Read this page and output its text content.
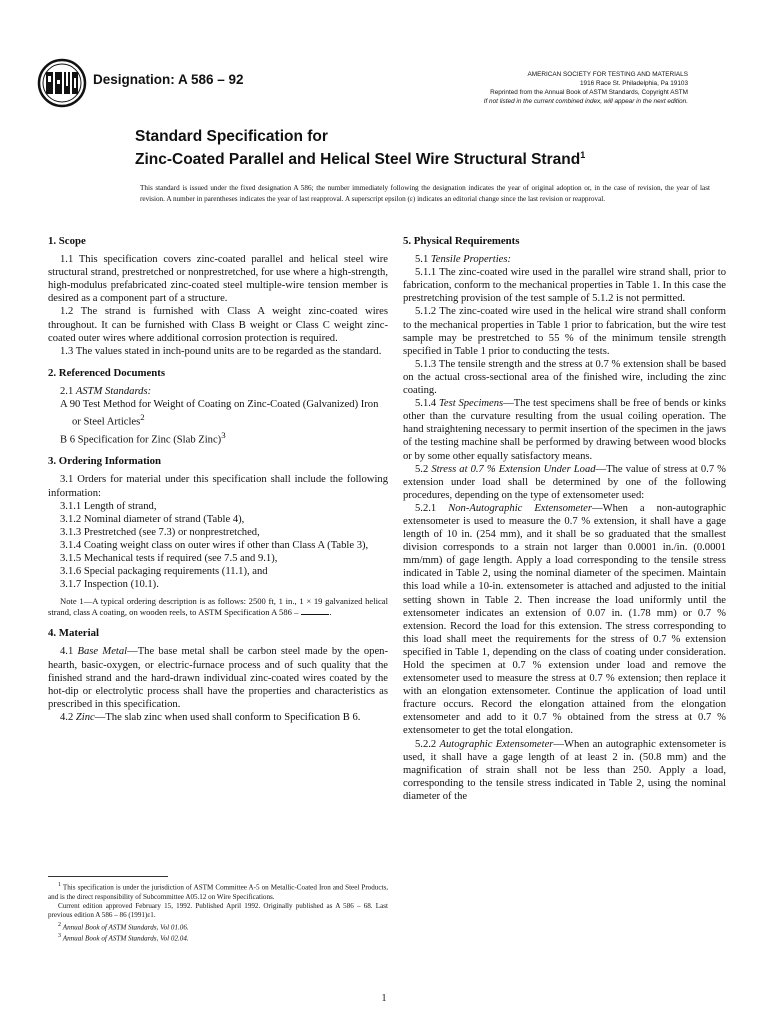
Designation: A 586 – 92	AMERICAN SOCIETY FOR TESTING AND MATERIALS
1916 Race St. Philadelphia, Pa 19103
Reprinted from the Annual Book of ASTM Standards, Copyright ASTM
If not listed in the current combined index, will appear in the next edition.
Standard Specification for
Zinc-Coated Parallel and Helical Steel Wire Structural Strand$^1$
This standard is issued under the fixed designation A 586; the number immediately following the designation indicates the year of original adoption or, in the case of revision, the year of last revision. A number in parentheses indicates the year of last reapproval. A superscript epsilon (ε) indicates an editorial change since the last revision or reapproval.
1. Scope

1.1 This specification covers zinc-coated parallel and helical steel wire structural strand, prestretched or nonprestretched, for use where a high-strength, high-modulus prefabricated zinc-coated steel multiple-wire tension member is desired as a component part of a structure.

1.2 The strand is furnished with Class A weight zinc-coated wires throughout. It can be furnished with Class B weight or Class C weight zinc-coated outer wires where additional corrosion protection is required.

1.3 The values stated in inch-pound units are to be regarded as the standard.

2. Referenced Documents

2.1 ASTM Standards:

A 90 Test Method for Weight of Coating on Zinc-Coated (Galvanized) Iron or Steel Articles$^2$
B 6 Specification for Zinc (Slab Zinc)$^3$
3. Ordering Information

3.1 Orders for material under this specification shall include the following information:

3.1.1 Length of strand,
3.1.2 Nominal diameter of strand (Table 4),
3.1.3 Prestretched (see 7.3) or nonprestretched,
3.1.4 Coating weight class on outer wires if other than Class A (Table 3),
3.1.5 Mechanical tests if required (see 7.5 and 9.1),
3.1.6 Special packaging requirements (11.1), and
3.1.7 Inspection (10.1).

Note 1—A typical ordering description is as follows: 2500 ft, 1 in., 1 × 19 galvanized helical strand, class A coating, on wooden reels, to ASTM Specification A 586 –	.

4. Material

4.1 Base Metal—The base metal shall be carbon steel made by the open-hearth, basic-oxygen, or electric-furnace process and of such quality that the finished strand and the hard-drawn individual zinc-coated wires coated by the hot-dip or electrolytic process shall have the properties and characteristics as prescribed in this specification.

4.2 Zinc—The slab zinc when used shall conform to Specification B 6.

$^1$ This specification is under the jurisdiction of ASTM Committee A-5 on Metallic-Coated Iron and Steel Products, and is the direct responsibility of Subcommittee A05.12 on Wire Specifications.

Current edition approved February 15, 1992. Published April 1992. Originally published as A 586 – 68. Last previous edition A 586 – 86 (1991)ε1.

$^2$ Annual Book of ASTM Standards, Vol 01.06.

$^3$ Annual Book of ASTM Standards, Vol 02.04.

5. Physical Requirements

5.1 Tensile Properties:

5.1.1 The zinc-coated wire used in the parallel wire strand shall, prior to fabrication, conform to the mechanical properties in Table 1. In this case the prestretching provision of the test sample of 5.1.2 is not permitted.

5.1.2 The zinc-coated wire used in the helical wire strand shall conform to the mechanical properties in Table 1 prior to fabrication, but the wire test sample may be prestretched to 55 % of the minimum tensile strength specified in Table 1 prior to conducting the tests.

5.1.3 The tensile strength and the stress at 0.7 % extension shall be based on the actual cross-sectional area of the finished wire, including the zinc coating.

5.1.4 Test Specimens—The test specimens shall be free of bends or kinks other than the curvature resulting from the usual coiling operation. The hand straightening necessary to permit insertion of the specimen in the jaws of the testing machine shall be performed by drawing between wood blocks or by some other equally satisfactory means.

5.2 Stress at 0.7 % Extension Under Load—The value of stress at 0.7 % extension under load shall be determined by one of the following procedures, depending on the type of extensometer used:

5.2.1 Non-Autographic Extensometer—When a non-autographic extensometer is used to measure the 0.7 % extension, it shall have a gage length of 10 in. (254 mm), and it shall be so graduated that the smallest division corresponds to a strain not larger than 0.0001 in./in. (0.0001 mm/mm) of gage length. Apply a load corresponding to the tensile stress indicated in Table 2, using the nominal diameter of the specimen. Maintain this load while a 10-in. extensometer is attached and adjusted to the initial setting shown in Table 2. Then increase the load uniformly until the extensometer indicates an extension of 0.07 in. (1.78 mm) or 0.7 % extension. Record the load for this extension. The stress corresponding to this load shall meet the requirements for the stress of 0.7 % extension specified in Table 1, depending on the class of coating under consideration. Hold the specimen at 0.7 % extension under load and remove the extensometer used to measure the stress at 0.7 % extension; then replace it with an elongation extensometer. Continue the application of load until fracture occurs. Record the elongation attained from the elongation extensometer and add to it 0.7 % obtained from the stress at 0.7 % extensometer to get the total elongation.

5.2.2 Autographic Extensometer—When an autographic extensometer is used, it shall have a gage length of at least 2 in. (50.8 mm) and the magnification of strain shall not be less than 250. Apply a load, corresponding to the tensile stress indicated in Table 2, using the nominal diameter of the

1
